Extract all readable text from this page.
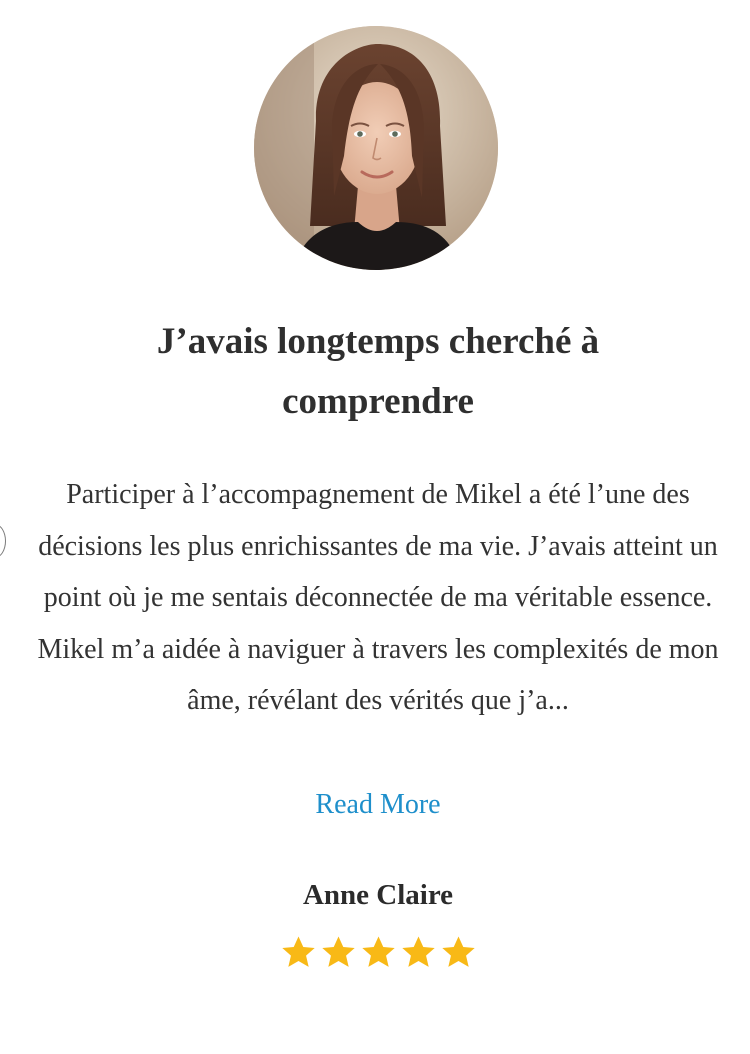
J’avais longtemps cherché à comprendre

Participer à l’accompagnement de Mikel a été l’une des décisions les plus enrichissantes de ma vie. J’avais atteint un point où je me sentais déconnectée de ma véritable essence. Mikel m’a aidée à naviguer à travers les complexités de mon âme, révélant des vérités que j’a...

Read More
Anne Claire
